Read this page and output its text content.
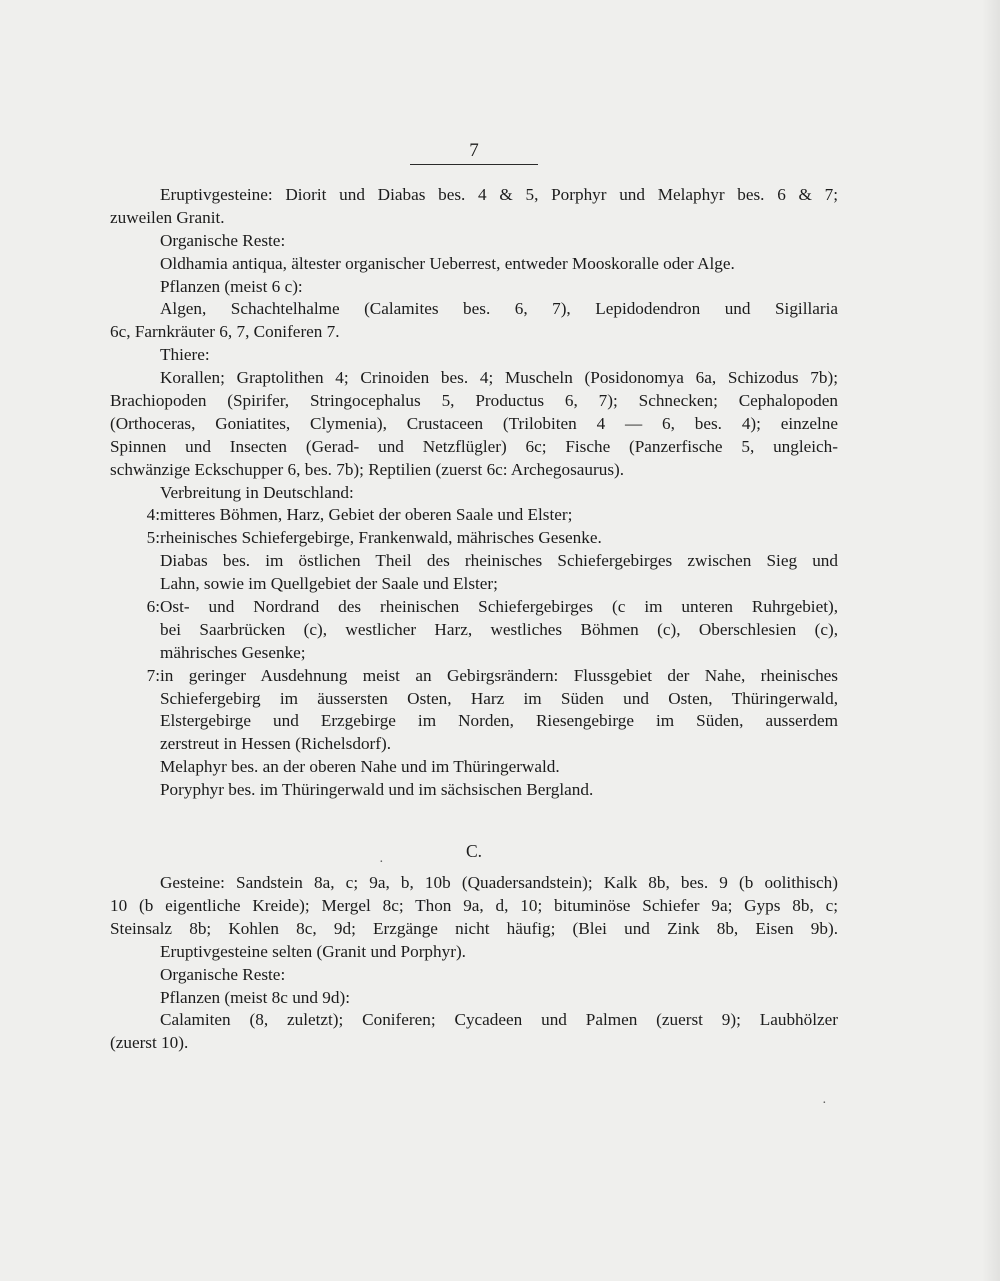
7
Eruptivgesteine: Diorit und Diabas bes. 4 & 5, Porphyr und Melaphyr bes. 6 & 7;
zuweilen Granit.
Organische Reste:
Oldhamia antiqua, ältester organischer Ueberrest, entweder Mooskoralle oder Alge.
Pflanzen (meist 6 c):
Algen, Schachtelhalme (Calamites bes. 6, 7), Lepidodendron und Sigillaria
6c, Farnkräuter 6, 7, Coniferen 7.
Thiere:
Korallen; Graptolithen 4; Crinoiden bes. 4; Muscheln (Posidonomya 6a, Schizodus 7b);
Brachiopoden (Spirifer, Stringocephalus 5, Productus 6, 7); Schnecken; Cephalopoden
(Orthoceras, Goniatites, Clymenia), Crustaceen (Trilobiten 4 — 6, bes. 4); einzelne
Spinnen und Insecten (Gerad- und Netzflügler) 6c; Fische (Panzerfische 5, ungleich-
schwänzige Eckschupper 6, bes. 7b); Reptilien (zuerst 6c: Archegosaurus).
Verbreitung in Deutschland:
4: mitteres Böhmen, Harz, Gebiet der oberen Saale und Elster;
5: rheinisches Schiefergebirge, Frankenwald, mährisches Gesenke.
Diabas bes. im östlichen Theil des rheinisches Schiefergebirges zwischen Sieg und
Lahn, sowie im Quellgebiet der Saale und Elster;
6: Ost- und Nordrand des rheinischen Schiefergebirges (c im unteren Ruhrgebiet),
bei Saarbrücken (c), westlicher Harz, westliches Böhmen (c), Oberschlesien (c),
mährisches Gesenke;
7: in geringer Ausdehnung meist an Gebirgsrändern: Flussgebiet der Nahe, rheinisches
Schiefergebirg im äussersten Osten, Harz im Süden und Osten, Thüringerwald,
Elstergebirge und Erzgebirge im Norden, Riesengebirge im Süden, ausserdem
zerstreut in Hessen (Richelsdorf).
Melaphyr bes. an der oberen Nahe und im Thüringerwald.
Poryphyr bes. im Thüringerwald und im sächsischen Bergland.
C.
Gesteine: Sandstein 8a, c; 9a, b, 10b (Quadersandstein); Kalk 8b, bes. 9 (b oolithisch)
10 (b eigentliche Kreide); Mergel 8c; Thon 9a, d, 10; bituminöse Schiefer 9a; Gyps 8b, c;
Steinsalz 8b; Kohlen 8c, 9d; Erzgänge nicht häufig; (Blei und Zink 8b, Eisen 9b).
Eruptivgesteine selten (Granit und Porphyr).
Organische Reste:
Pflanzen (meist 8c und 9d):
Calamiten (8, zuletzt); Coniferen; Cycadeen und Palmen (zuerst 9); Laubhölzer
(zuerst 10).
·
·
